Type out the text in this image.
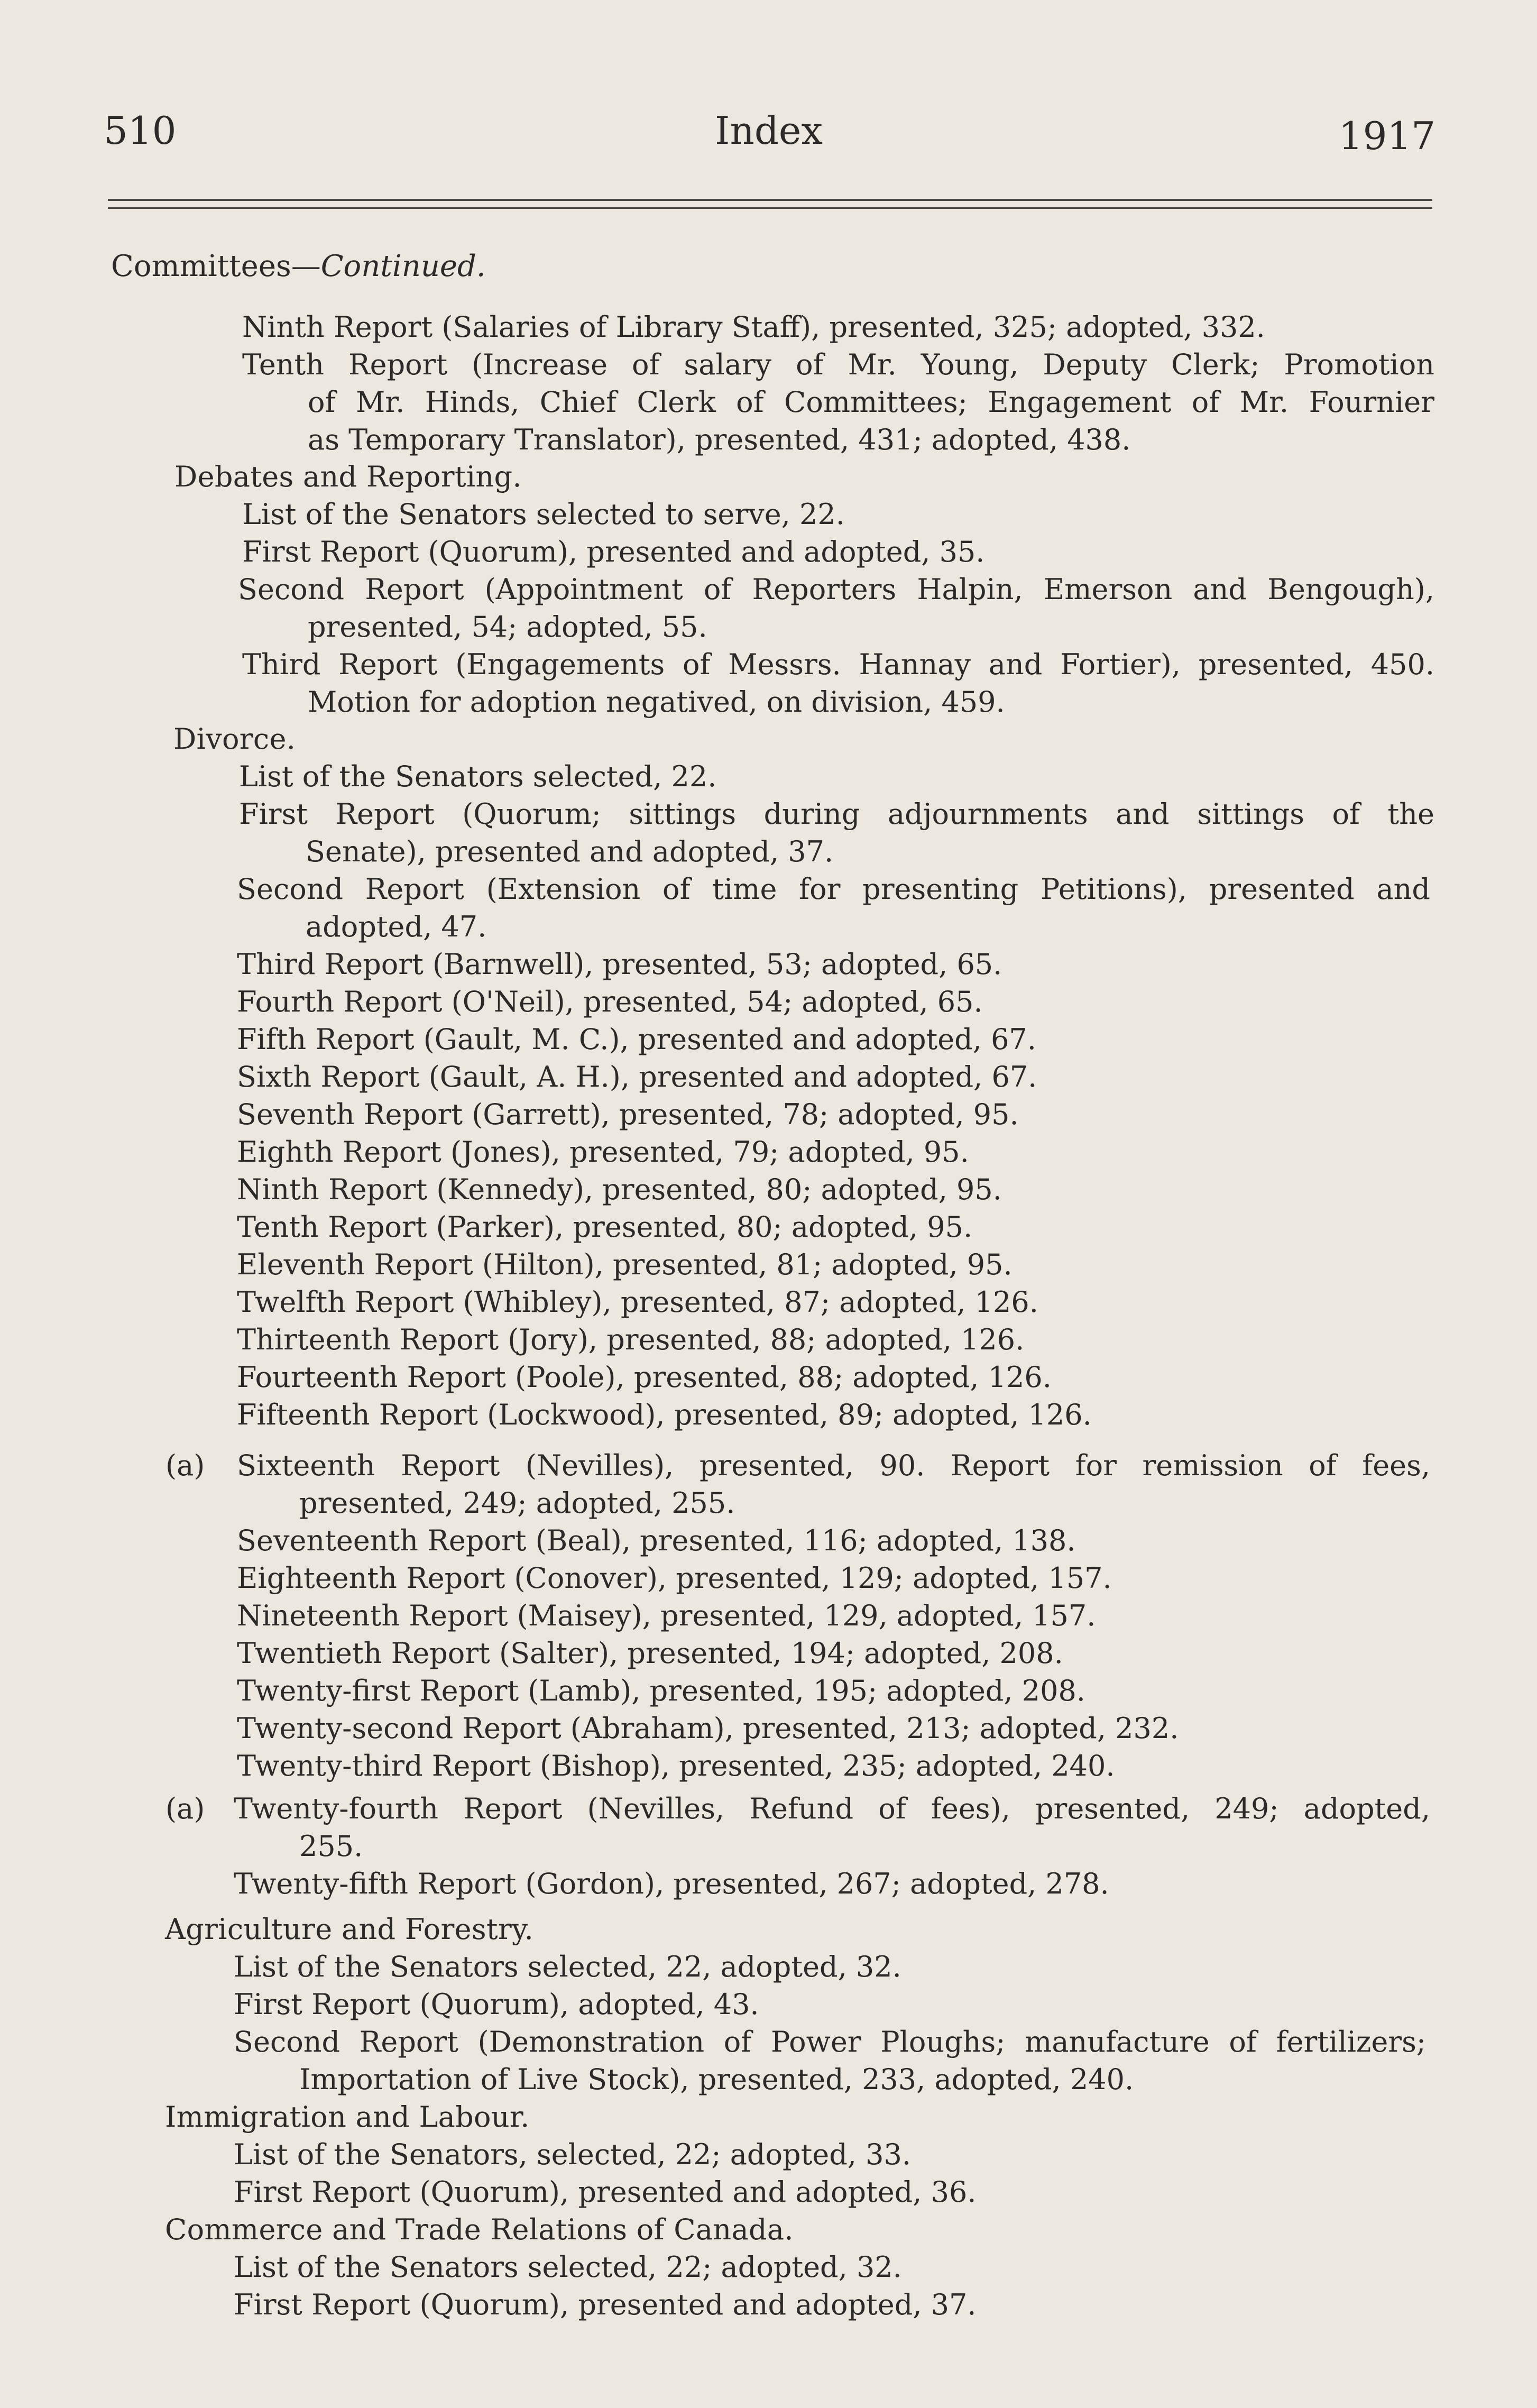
510	Index	1917
Committees—Continued.
Ninth Report (Salaries of Library Staff), presented, 325; adopted, 332.
Tenth Report (Increase of salary of Mr. Young, Deputy Clerk; Promotion
of Mr. Hinds, Chief Clerk of Committees; Engagement of Mr. Fournier
as Temporary Translator), presented, 431; adopted, 438.
Debates and Reporting.
List of the Senators selected to serve, 22.
First Report (Quorum), presented and adopted, 35.
Second Report (Appointment of Reporters Halpin, Emerson and Bengough),
presented, 54; adopted, 55.
Third Report (Engagements of Messrs. Hannay and Fortier), presented, 450.
Motion for adoption negatived, on division, 459.
Divorce.
List of the Senators selected, 22.
First Report (Quorum; sittings during adjournments and sittings of the
Senate), presented and adopted, 37.
Second Report (Extension of time for presenting Petitions), presented and
adopted, 47.
Third Report (Barnwell), presented, 53; adopted, 65.
Fourth Report (O'Neil), presented, 54; adopted, 65.
Fifth Report (Gault, M. C.), presented and adopted, 67.
Sixth Report (Gault, A. H.), presented and adopted, 67.
Seventh Report (Garrett), presented, 78; adopted, 95.
Eighth Report (Jones), presented, 79; adopted, 95.
Ninth Report (Kennedy), presented, 80; adopted, 95.
Tenth Report (Parker), presented, 80; adopted, 95.
Eleventh Report (Hilton), presented, 81; adopted, 95.
Twelfth Report (Whibley), presented, 87; adopted, 126.
Thirteenth Report (Jory), presented, 88; adopted, 126.
Fourteenth Report (Poole), presented, 88; adopted, 126.
Fifteenth Report (Lockwood), presented, 89; adopted, 126.
(a) Sixteenth Report (Nevilles), presented, 90. Report for remission of fees,
presented, 249; adopted, 255.
Seventeenth Report (Beal), presented, 116; adopted, 138.
Eighteenth Report (Conover), presented, 129; adopted, 157.
Nineteenth Report (Maisey), presented, 129, adopted, 157.
Twentieth Report (Salter), presented, 194; adopted, 208.
Twenty-first Report (Lamb), presented, 195; adopted, 208.
Twenty-second Report (Abraham), presented, 213; adopted, 232.
Twenty-third Report (Bishop), presented, 235; adopted, 240.
(a) Twenty-fourth Report (Nevilles, Refund of fees), presented, 249; adopted,
255.
Twenty-fifth Report (Gordon), presented, 267; adopted, 278.
Agriculture and Forestry.
List of the Senators selected, 22, adopted, 32.
First Report (Quorum), adopted, 43.
Second Report (Demonstration of Power Ploughs; manufacture of fertilizers;
Importation of Live Stock), presented, 233, adopted, 240.
Immigration and Labour.
List of the Senators, selected, 22; adopted, 33.
First Report (Quorum), presented and adopted, 36.
Commerce and Trade Relations of Canada.
List of the Senators selected, 22; adopted, 32.
First Report (Quorum), presented and adopted, 37.
